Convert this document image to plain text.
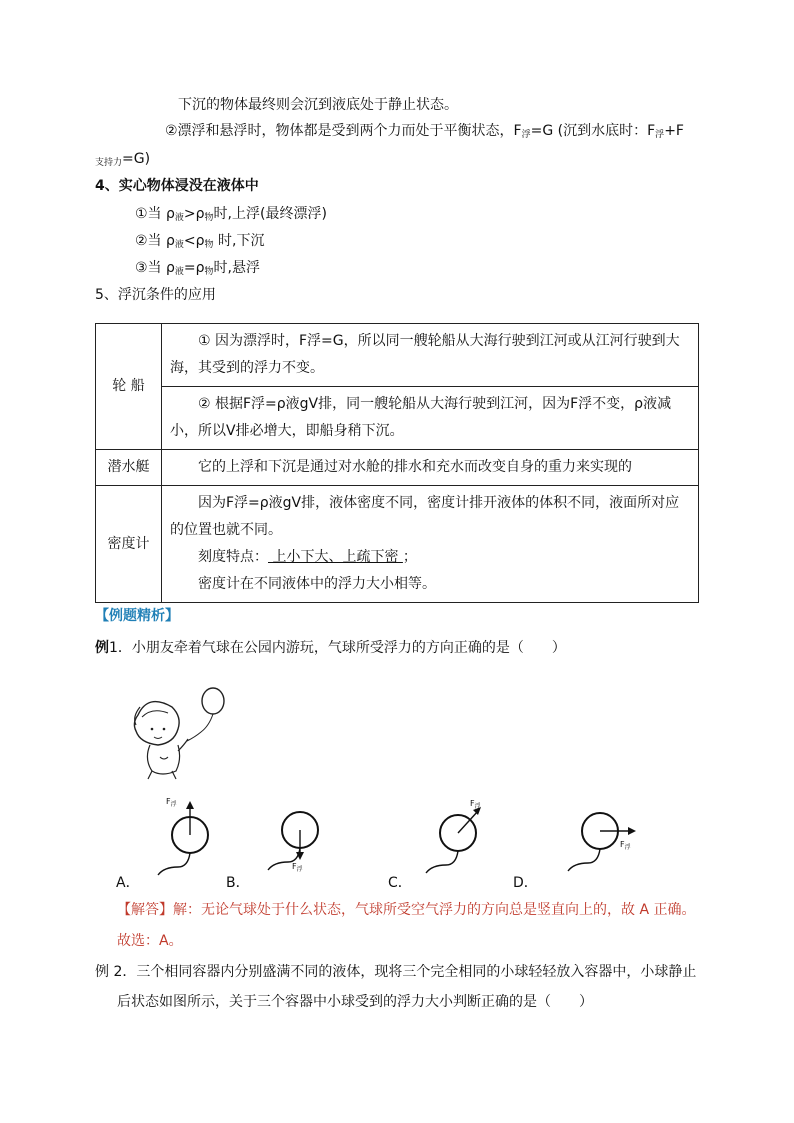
下沉的物体最终则会沉到液底处于静止状态。
②漂浮和悬浮时，物体都是受到两个力而处于平衡状态，$F_浮=G$ (沉到水底时：$F_浮+F$
$_{支持力}$=G)
4、实心物体浸没在液体中
①当 $\rho_液>\rho_物$时,上浮(最终漂浮)
②当 $\rho_液<\rho_物$ 时,下沉
③当 $\rho_液=\rho_物$时,悬浮
5、浮沉条件的应用
轮 船	① 因为漂浮时，F浮=G，所以同一艘轮船从大海行驶到江河或从江河行驶到大海，其受到的浮力不变。
	② 根据F浮=ρ液gV排，同一艘轮船从大海行驶到江河，因为F浮不变，ρ液减小，所以V排必增大，即船身稍下沉。
潜水艇	它的上浮和下沉是通过对水舱的排水和充水而改变自身的重力来实现的
密度计	因为F浮=ρ液gV排，液体密度不同，密度计排开液体的体积不同，液面所对应的位置也就不同。
刻度特点： 上小下大、上疏下密 ；
密度计在不同液体中的浮力大小相等。
【例题精析】
例1．小朋友牵着气球在公园内游玩，气球所受浮力的方向正确的是（　　）
$F_浮$
A．
$F_浮$
B．
$F_浮$
C．
$F_浮$
D．
【解答】解：无论气球处于什么状态，气球所受空气浮力的方向总是竖直向上的，故 A 正确。
故选：A。
例 2．三个相同容器内分别盛满不同的液体，现将三个完全相同的小球轻轻放入容器中，小球静止
后状态如图所示，关于三个容器中小球受到的浮力大小判断正确的是（　　）
